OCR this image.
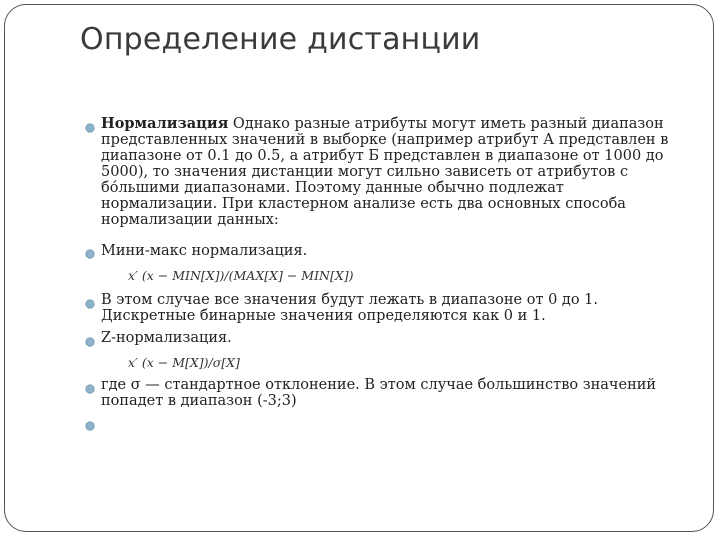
Определение дистанции
Нормализация Однако разные атрибуты могут иметь разный диапазон представленных значений в выборке (например атрибут А представлен в диапазоне от 0.1 до 0.5, а атрибут Б представлен в диапазоне от 1000 до 5000), то значения дистанции могут сильно зависеть от атрибутов с бо́льшими диапазонами. Поэтому данные обычно подлежат нормализации. При кластерном анализе есть два основных способа нормализации данных:
Мини-макс нормализация.
x′ (x − MIN[X])/(MAX[X] − MIN[X])
В этом случае все значения будут лежать в диапазоне от 0 до 1. Дискретные бинарные значения определяются как 0 и 1.
Z-нормализация.
x′ (x − M[X])/σ[X]
где σ — стандартное отклонение. В этом случае большинство значений попадет в диапазон (-3;3)
